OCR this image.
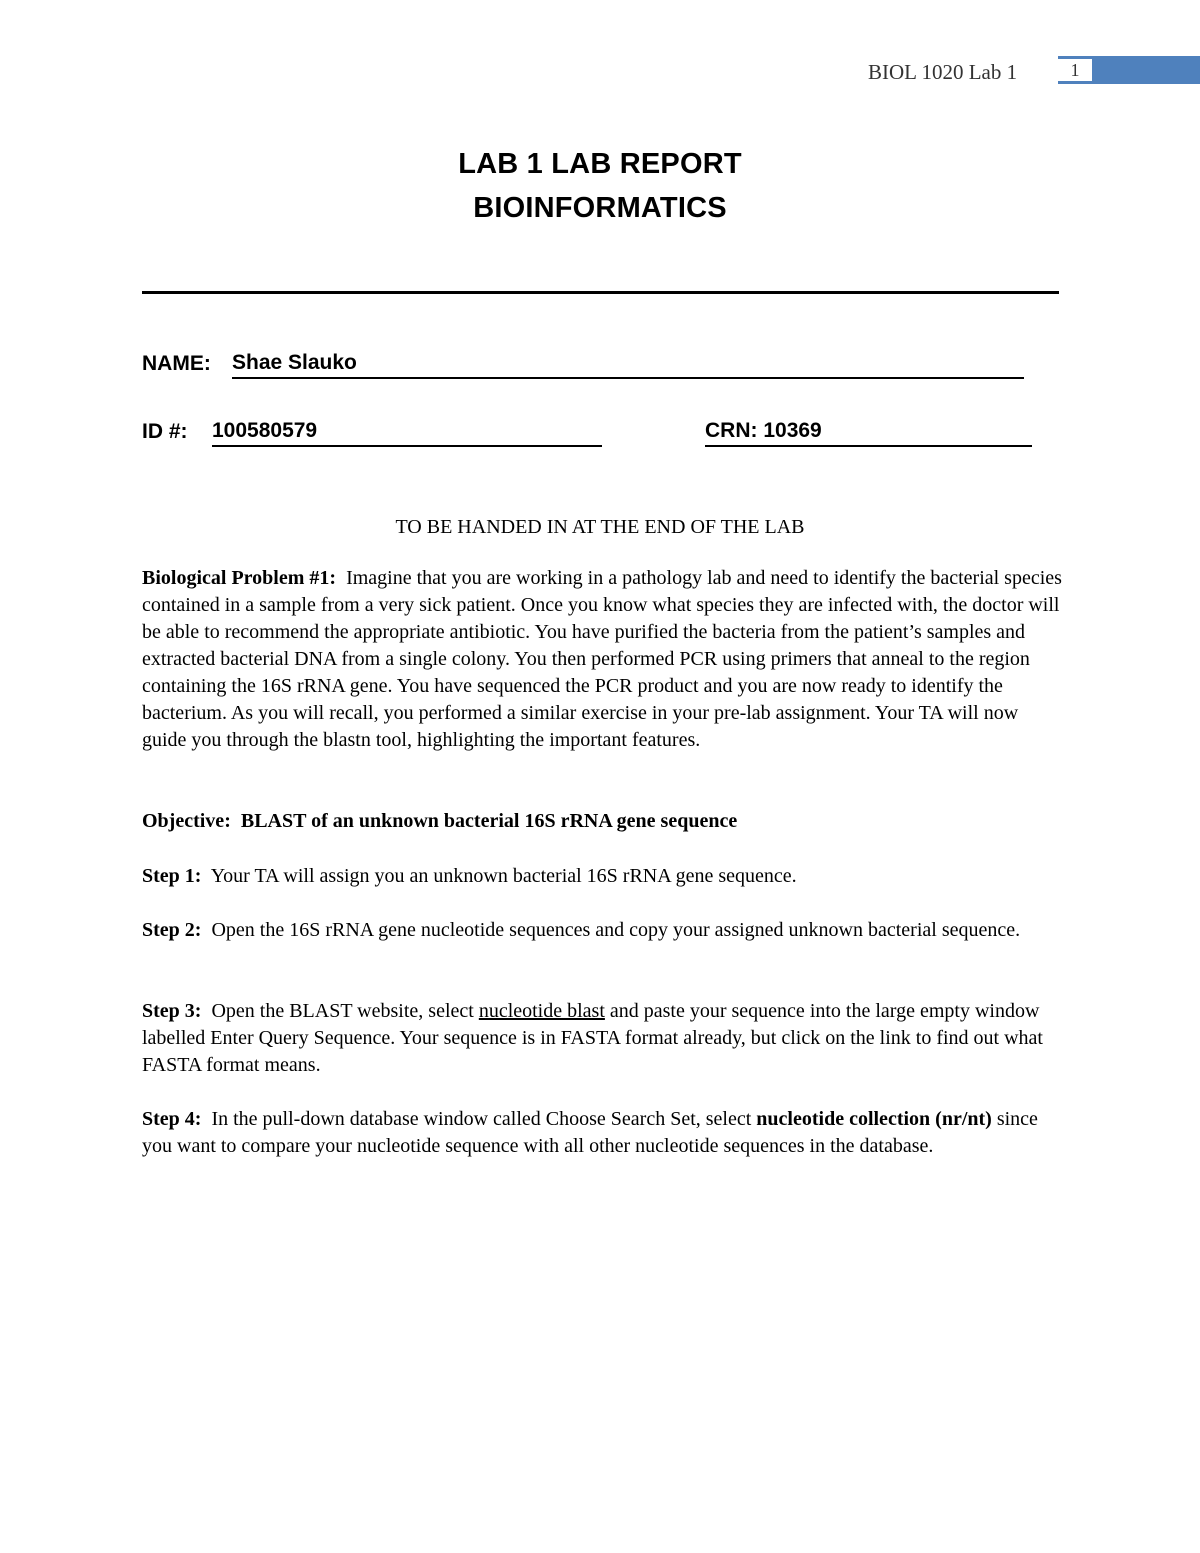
BIOL 1020 Lab 1	1
LAB 1 LAB REPORT
BIOINFORMATICS
NAME: Shae Slauko
ID #: 100580579	CRN: 10369
TO BE HANDED IN AT THE END OF THE LAB
Biological Problem #1: Imagine that you are working in a pathology lab and need to identify the bacterial species contained in a sample from a very sick patient. Once you know what species they are infected with, the doctor will be able to recommend the appropriate antibiotic. You have purified the bacteria from the patient’s samples and extracted bacterial DNA from a single colony. You then performed PCR using primers that anneal to the region containing the 16S rRNA gene. You have sequenced the PCR product and you are now ready to identify the bacterium. As you will recall, you performed a similar exercise in your pre-lab assignment. Your TA will now guide you through the blastn tool, highlighting the important features.
Objective: BLAST of an unknown bacterial 16S rRNA gene sequence
Step 1: Your TA will assign you an unknown bacterial 16S rRNA gene sequence.
Step 2: Open the 16S rRNA gene nucleotide sequences and copy your assigned unknown bacterial sequence.
Step 3: Open the BLAST website, select nucleotide blast and paste your sequence into the large empty window labelled Enter Query Sequence. Your sequence is in FASTA format already, but click on the link to find out what FASTA format means.
Step 4: In the pull-down database window called Choose Search Set, select nucleotide collection (nr/nt) since you want to compare your nucleotide sequence with all other nucleotide sequences in the database.
